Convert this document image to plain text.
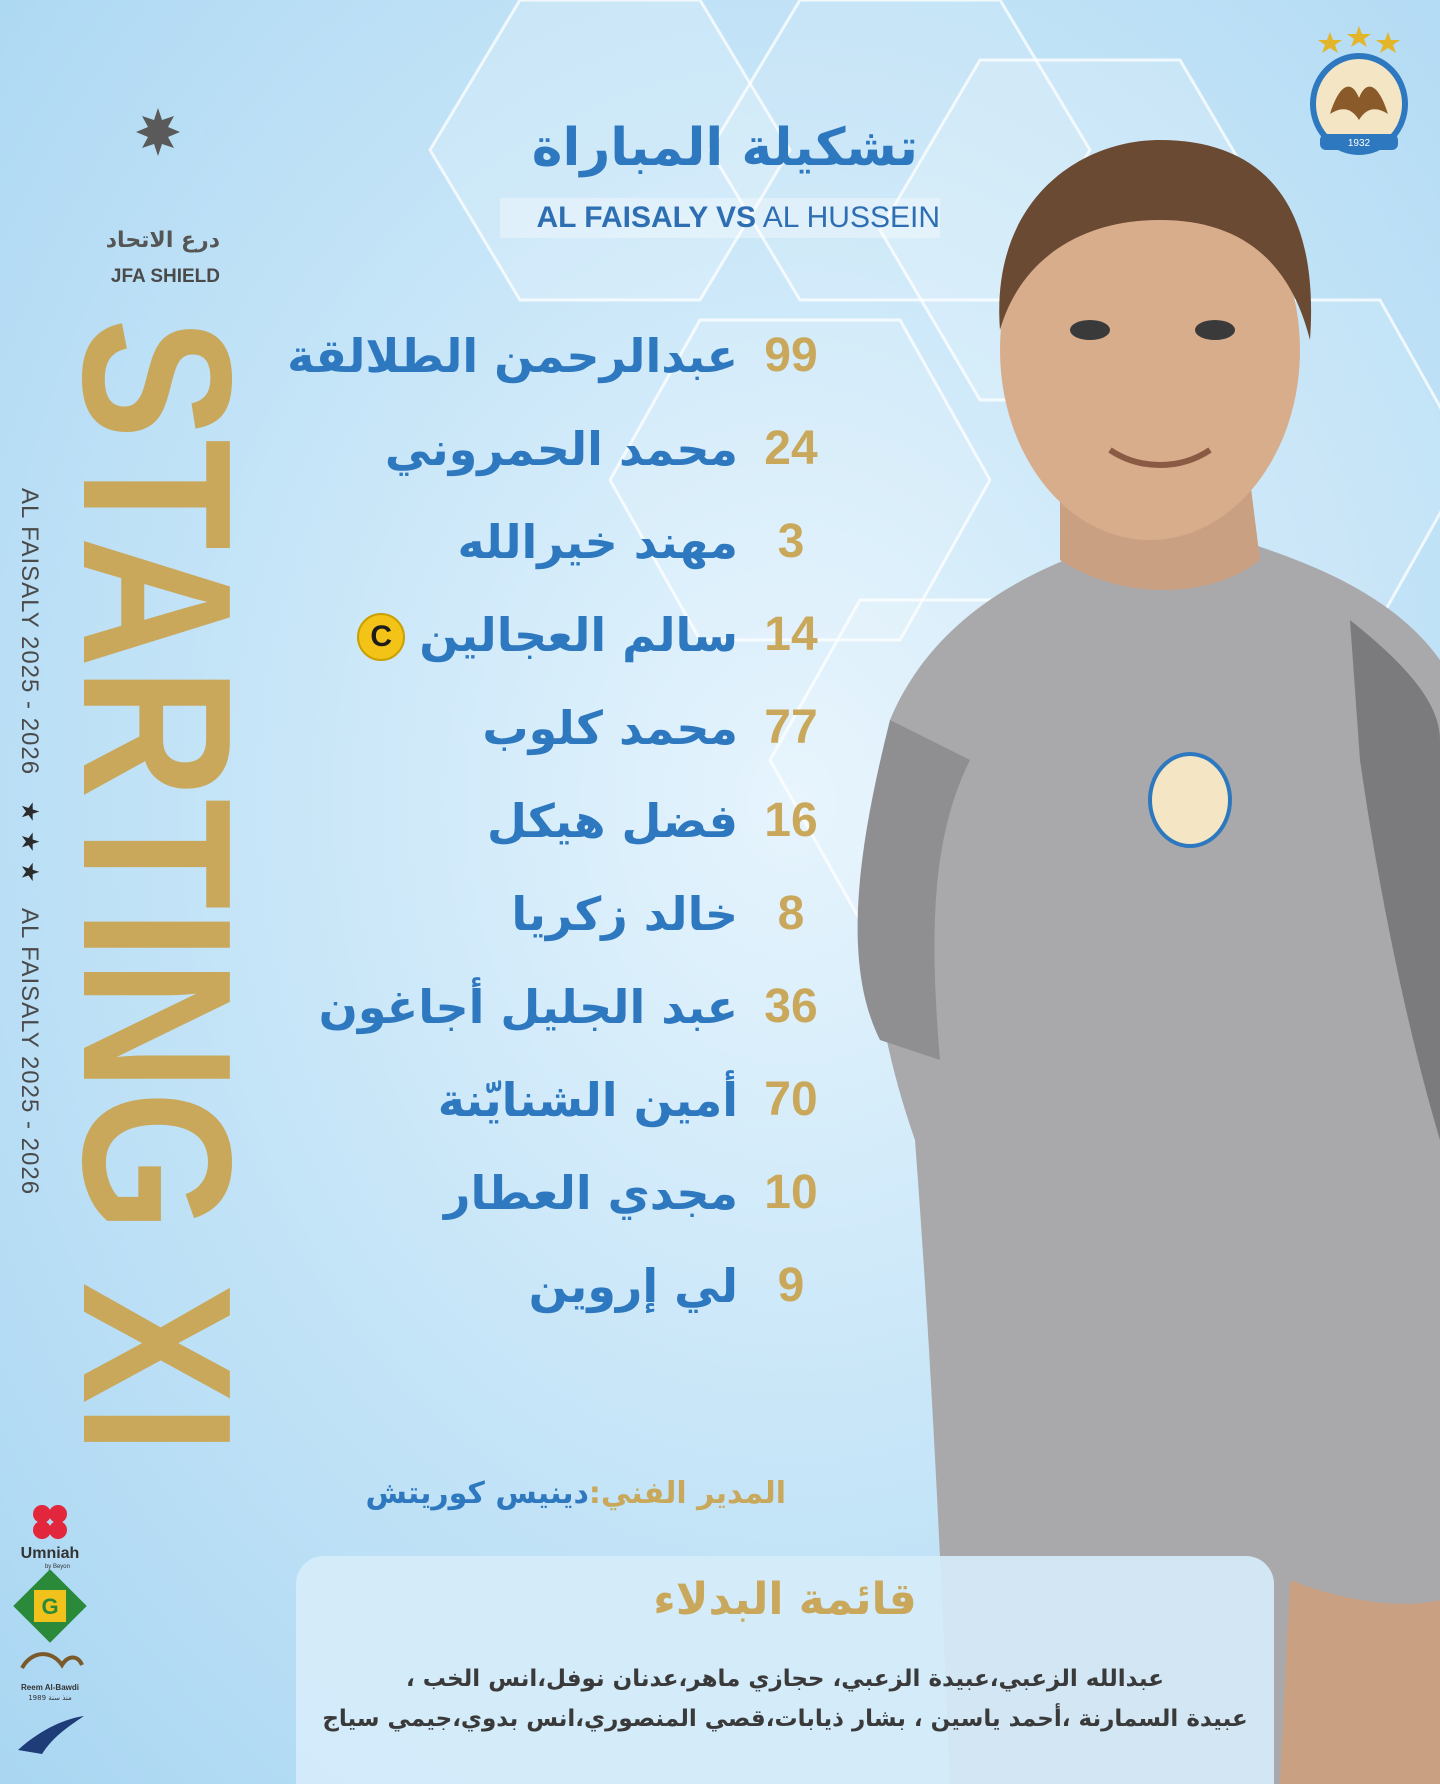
درع الاتحاد
JFA SHIELD
STARTING
AL FAISALY 2025 - 2026 ★ ★ ★ AL FAISALY 2025 - 2026
1932
تشكيلة المباراة
AL FAISALY VS AL HUSSEIN
99
عبدالرحمن الطلالقة
24
محمد الحمروني
3
مهند خيرالله
14
سالم العجالين
C
77
محمد كلوب
16
فضل هيكل
8
خالد زكريا
36
عبد الجليل أجاغون
70
أمين الشنايّنة
10
مجدي العطار
9
لي إروين
المدير الفني:دينيس كوريتش
قائمة البدلاء
عبدالله الزعبي،عبيدة الزعبي، حجازي ماهر،عدنان نوفل،انس الخب ،
عبيدة السمارنة ،أحمد ياسين ، بشار ذيابات،قصي المنصوري،انس بدوي،جيمي سياج
Umniah
by Beyon
G
Reem Al-Bawdi
منذ سنة 1989
